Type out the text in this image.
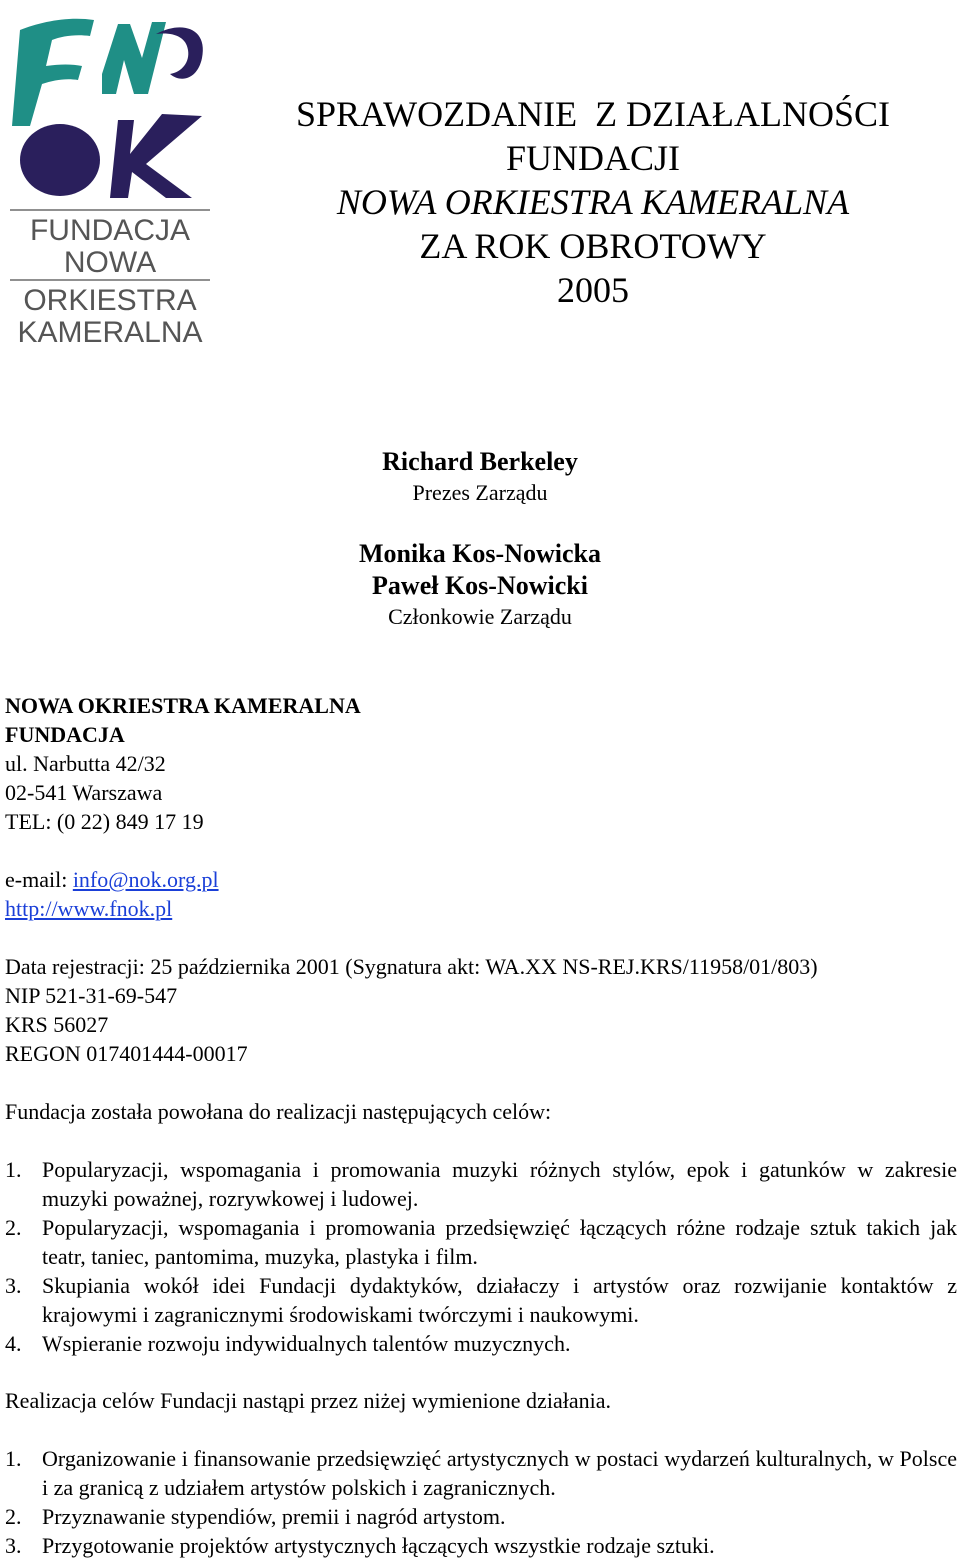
FUNDACJA
NOWA
ORKIESTRA
KAMERALNA
SPRAWOZDANIE  Z DZIAŁALNOŚCI
FUNDACJI
NOWA ORKIESTRA KAMERALNA
ZA ROK OBROTOWY
2005
Richard Berkeley
Prezes Zarządu
Monika Kos-Nowicka
Paweł Kos-Nowicki
Członkowie Zarządu
NOWA OKRIESTRA KAMERALNA
FUNDACJA
ul. Narbutta 42/32
02-541 Warszawa
TEL: (0 22) 849 17 19
e-mail: info@nok.org.pl
http://www.fnok.pl
Data rejestracji: 25 października 2001 (Sygnatura akt: WA.XX NS-REJ.KRS/11958/01/803)
NIP 521-31-69-547
KRS 56027
REGON 017401444-00017
Fundacja została powołana do realizacji następujących celów:
1. Popularyzacji, wspomagania i promowania muzyki różnych stylów, epok i gatunków w zakresie muzyki poważnej, rozrywkowej i ludowej.
2. Popularyzacji, wspomagania i promowania przedsięwzięć łączących różne rodzaje sztuk takich jak teatr, taniec, pantomima, muzyka, plastyka i film.
3. Skupiania wokół idei Fundacji dydaktyków, działaczy i artystów oraz rozwijanie kontaktów z krajowymi i zagranicznymi środowiskami twórczymi i naukowymi.
4. Wspieranie rozwoju indywidualnych talentów muzycznych.
Realizacja celów Fundacji nastąpi przez niżej wymienione działania.
1. Organizowanie i finansowanie przedsięwzięć artystycznych w postaci wydarzeń kulturalnych, w Polsce i za granicą z udziałem artystów polskich i zagranicznych.
2. Przyznawanie stypendiów, premii i nagród artystom.
3. Przygotowanie projektów artystycznych łączących wszystkie rodzaje sztuki.
